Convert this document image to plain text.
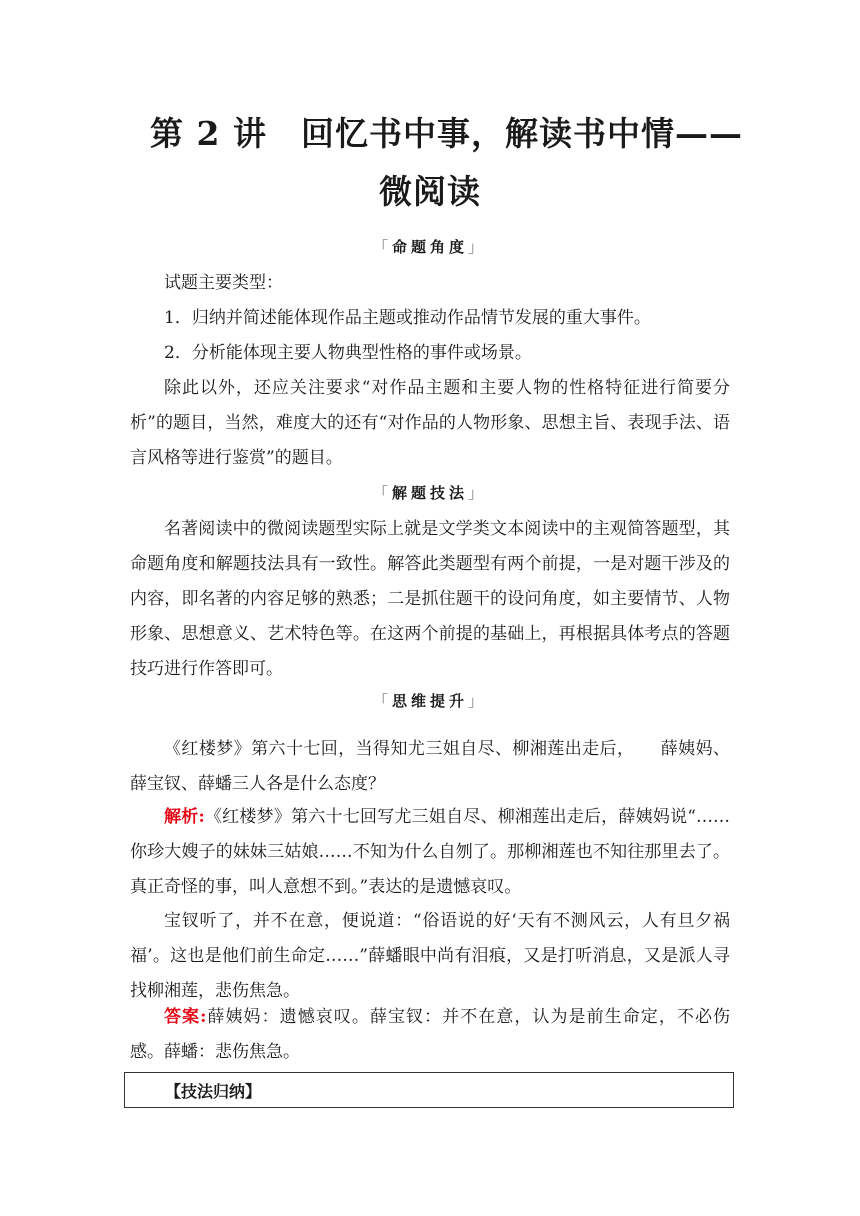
第 2 讲　回忆书中事，解读书中情——
微阅读
「命题角度」
试题主要类型：
1．归纳并简述能体现作品主题或推动作品情节发展的重大事件。
2．分析能体现主要人物典型性格的事件或场景。
除此以外，还应关注要求“对作品主题和主要人物的性格特征进行简要分析”的题目，当然，难度大的还有“对作品的人物形象、思想主旨、表现手法、语言风格等进行鉴赏”的题目。
「解题技法」
名著阅读中的微阅读题型实际上就是文学类文本阅读中的主观简答题型，其命题角度和解题技法具有一致性。解答此类题型有两个前提，一是对题干涉及的内容，即名著的内容足够的熟悉；二是抓住题干的设问角度，如主要情节、人物形象、思想意义、艺术特色等。在这两个前提的基础上，再根据具体考点的答题技巧进行作答即可。
「思维提升」
《红楼梦》第六十七回，当得知尤三姐自尽、柳湘莲出走后，　　薛姨妈、薛宝钗、薛蟠三人各是什么态度？
解析:《红楼梦》第六十七回写尤三姐自尽、柳湘莲出走后，薛姨妈说“……你珍大嫂子的妹妹三姑娘……不知为什么自刎了。那柳湘莲也不知往那里去了。真正奇怪的事，叫人意想不到。”表达的是遗憾哀叹。
宝钗听了，并不在意，便说道：“俗语说的好‘天有不测风云，人有旦夕祸福’。这也是他们前生命定……”薛蟠眼中尚有泪痕，又是打听消息，又是派人寻找柳湘莲，悲伤焦急。
答案:薛姨妈：遗憾哀叹。薛宝钗：并不在意，认为是前生命定，不必伤感。薛蟠：悲伤焦急。
【技法归纳】
